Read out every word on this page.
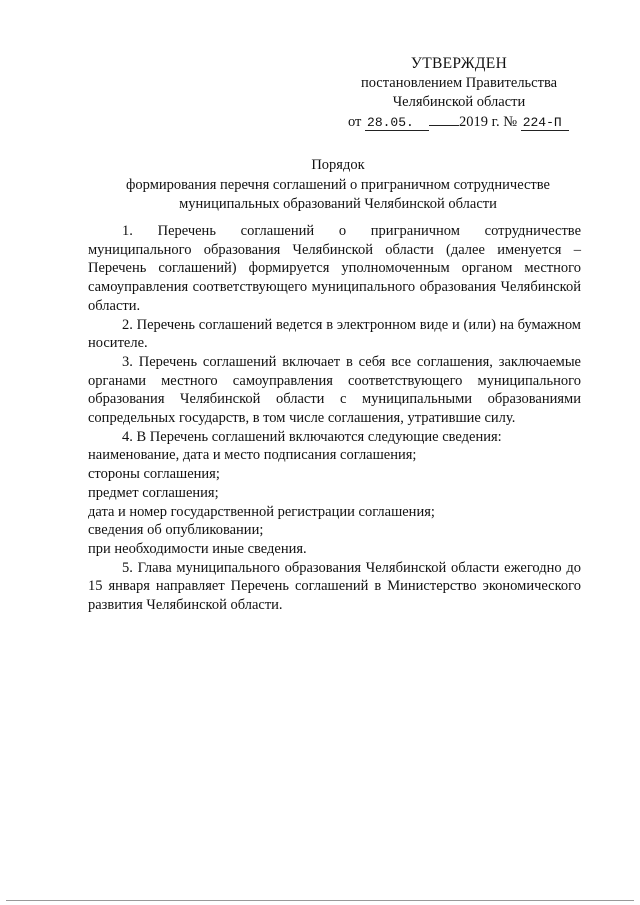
УТВЕРЖДЕН
постановлением Правительства
Челябинской области
от 28.05.	2019 г. № 224-П
Порядок
формирования перечня соглашений о приграничном сотрудничестве
муниципальных образований Челябинской области

1. Перечень соглашений о приграничном сотрудничестве муниципального образования Челябинской области (далее именуется – Перечень соглашений) формируется уполномоченным органом местного самоуправления соответствующего муниципального образования Челябинской области.

2. Перечень соглашений ведется в электронном виде и (или) на бумажном носителе.

3. Перечень соглашений включает в себя все соглашения, заключаемые органами местного самоуправления соответствующего муниципального образования Челябинской области с муниципальными образованиями сопредельных государств, в том числе соглашения, утратившие силу.

4. В Перечень соглашений включаются следующие сведения:

наименование, дата и место подписания соглашения;

стороны соглашения;

предмет соглашения;

дата и номер государственной регистрации соглашения;

сведения об опубликовании;

при необходимости иные сведения.

5. Глава муниципального образования Челябинской области ежегодно до 15 января направляет Перечень соглашений в Министерство экономического развития Челябинской области.
